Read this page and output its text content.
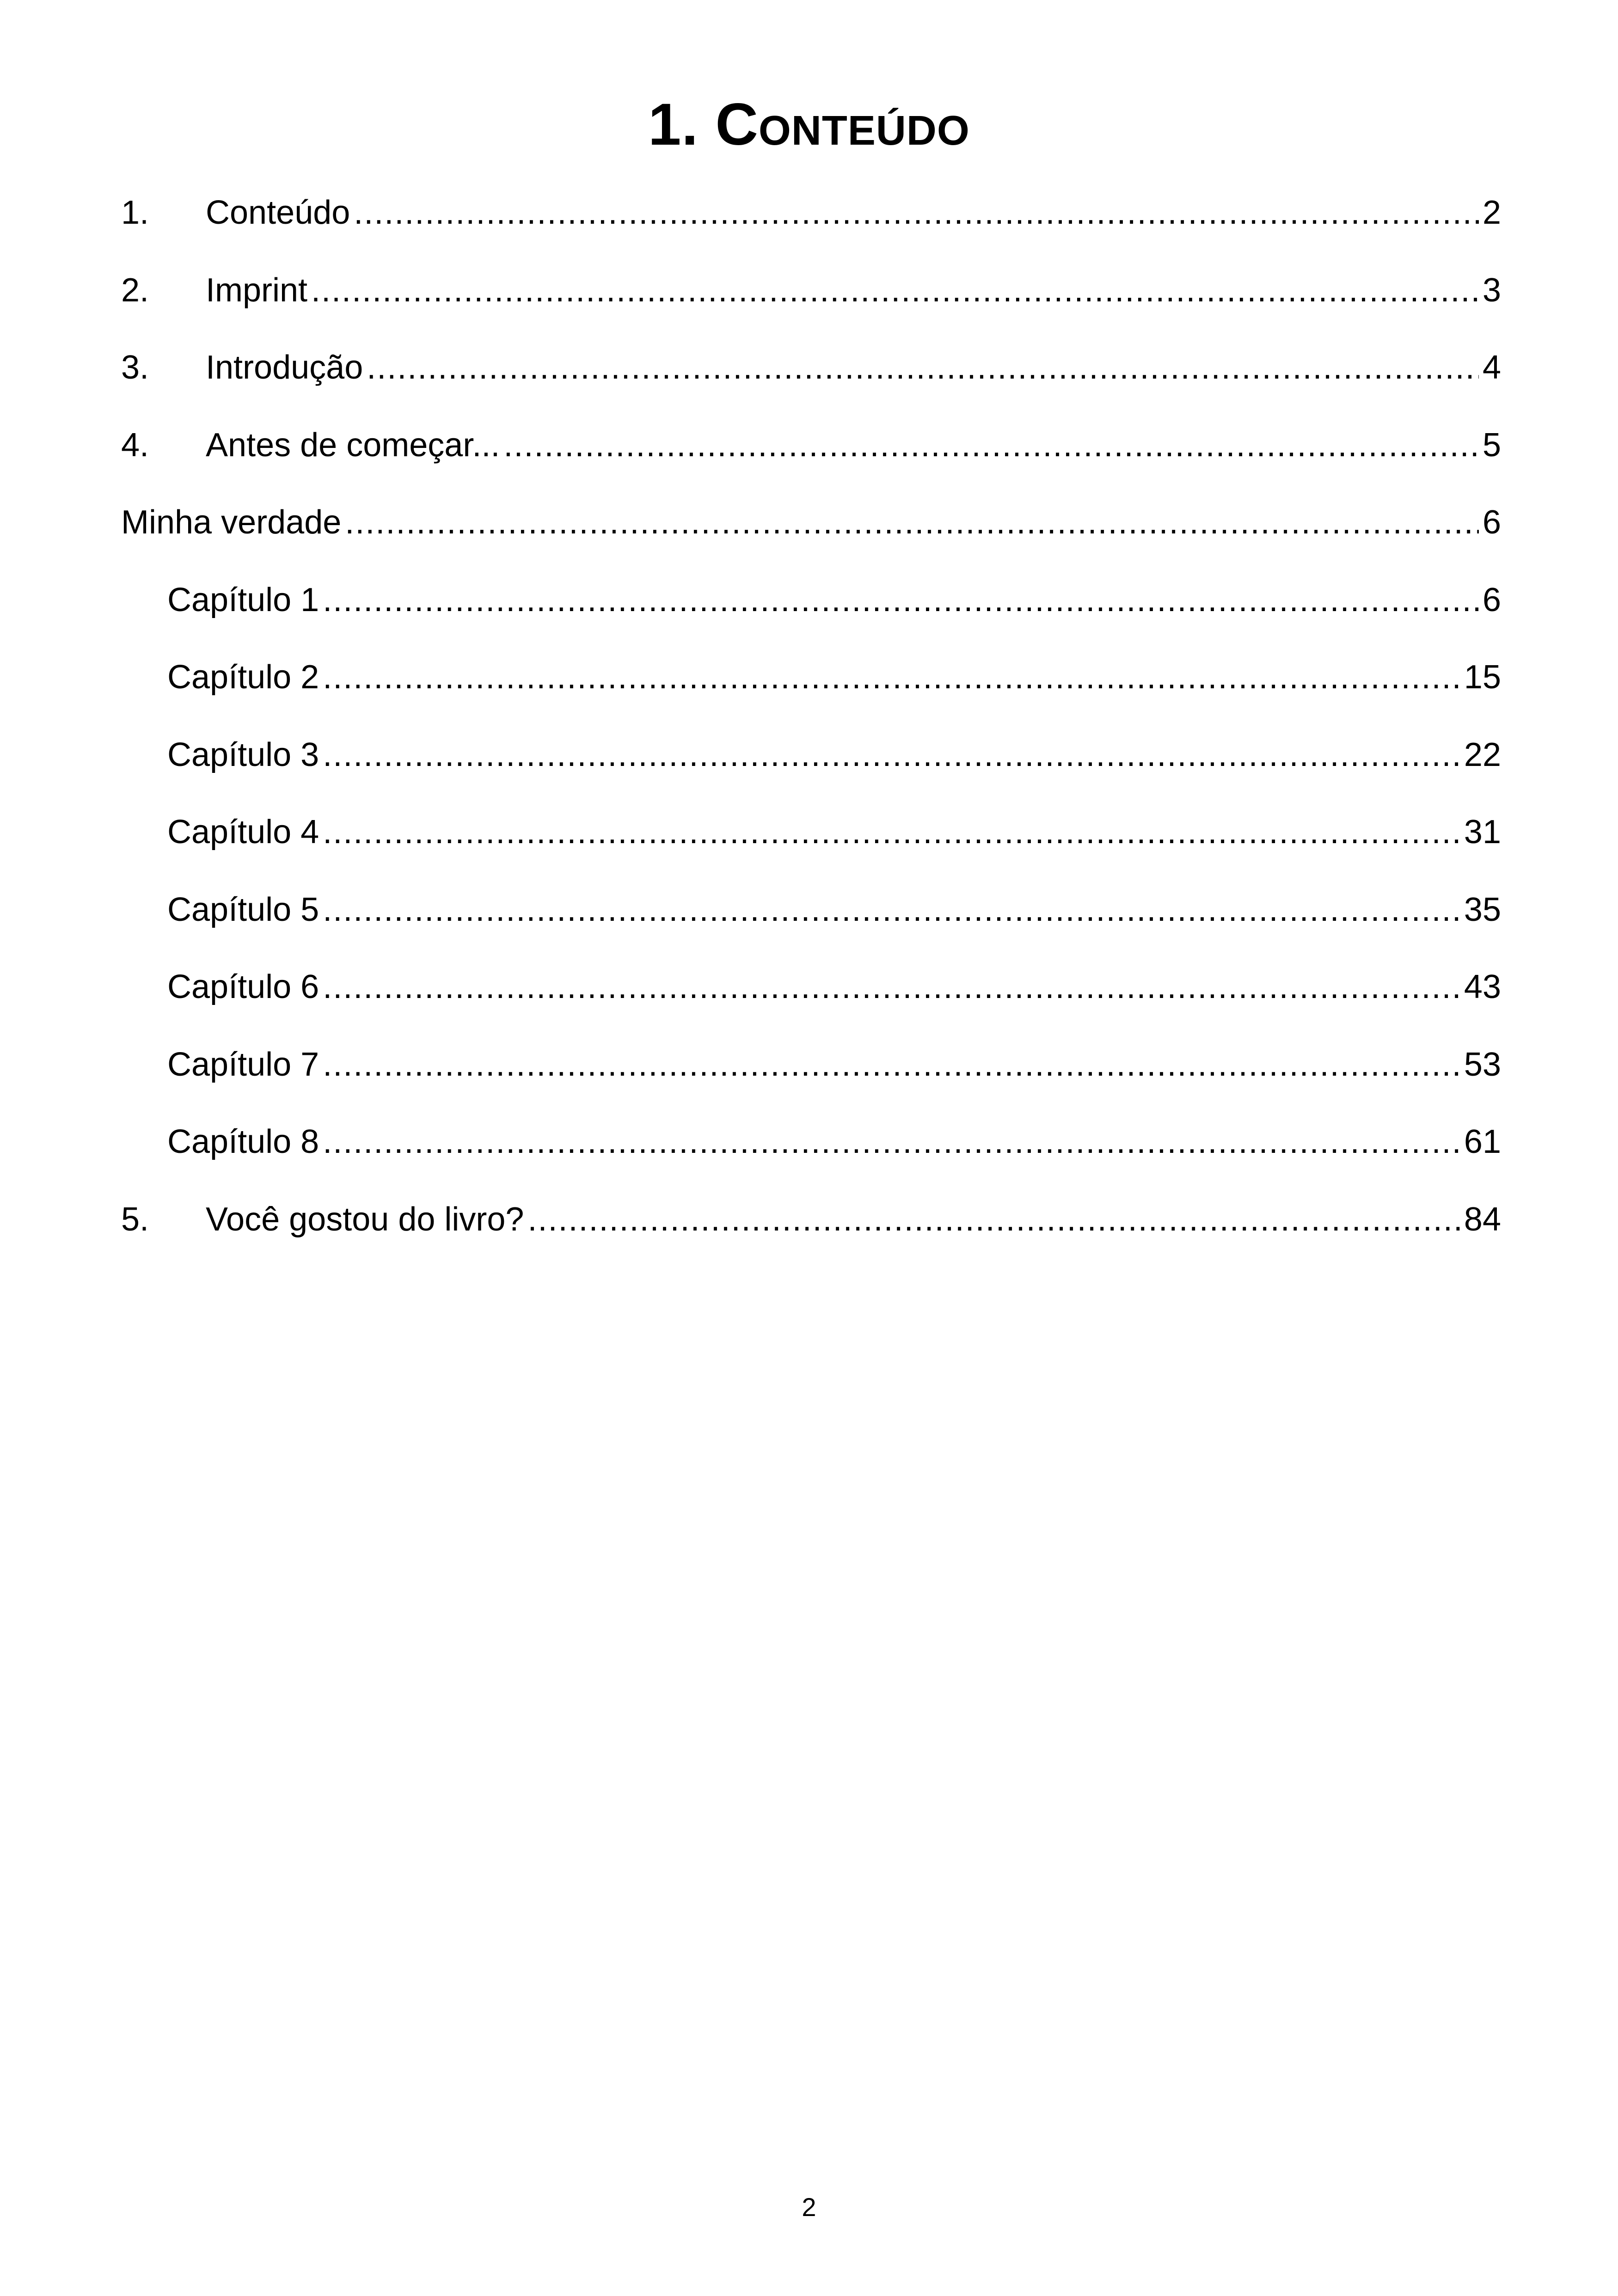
1. Conteúdo
1.	Conteúdo .....	2
2.	Imprint .....	3
3.	Introdução .....	4
4.	Antes de começar... .....	5
Minha verdade .....	6
Capítulo 1 .....	6
Capítulo 2 .....	15
Capítulo 3 .....	22
Capítulo 4 .....	31
Capítulo 5 .....	35
Capítulo 6 .....	43
Capítulo 7 .....	53
Capítulo 8 .....	61
5.	Você gostou do livro? .....	84
2
